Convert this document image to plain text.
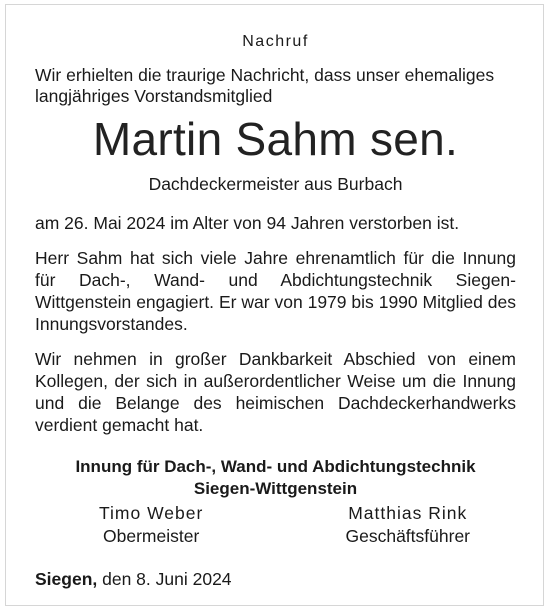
Nachruf

Wir erhielten die traurige Nachricht, dass unser ehemaliges
langjähriges Vorstandsmitglied

Martin Sahm sen.
Dachdeckermeister aus Burbach

am 26. Mai 2024 im Alter von 94 Jahren verstorben ist.

Herr Sahm hat sich viele Jahre ehrenamtlich für die Innung für Dach-, Wand- und Abdichtungstechnik Siegen-Wittgenstein engagiert. Er war von 1979 bis 1990 Mitglied des Innungsvorstandes.

Wir nehmen in großer Dankbarkeit Abschied von einem Kollegen, der sich in außerordentlicher Weise um die Innung und die Belange des heimischen Dachdeckerhandwerks verdient gemacht hat.

Innung für Dach-, Wand- und Abdichtungstechnik
Siegen-Wittgenstein
Timo Weber
Obermeister
Matthias Rink
Geschäftsführer
Siegen, den 8. Juni 2024
